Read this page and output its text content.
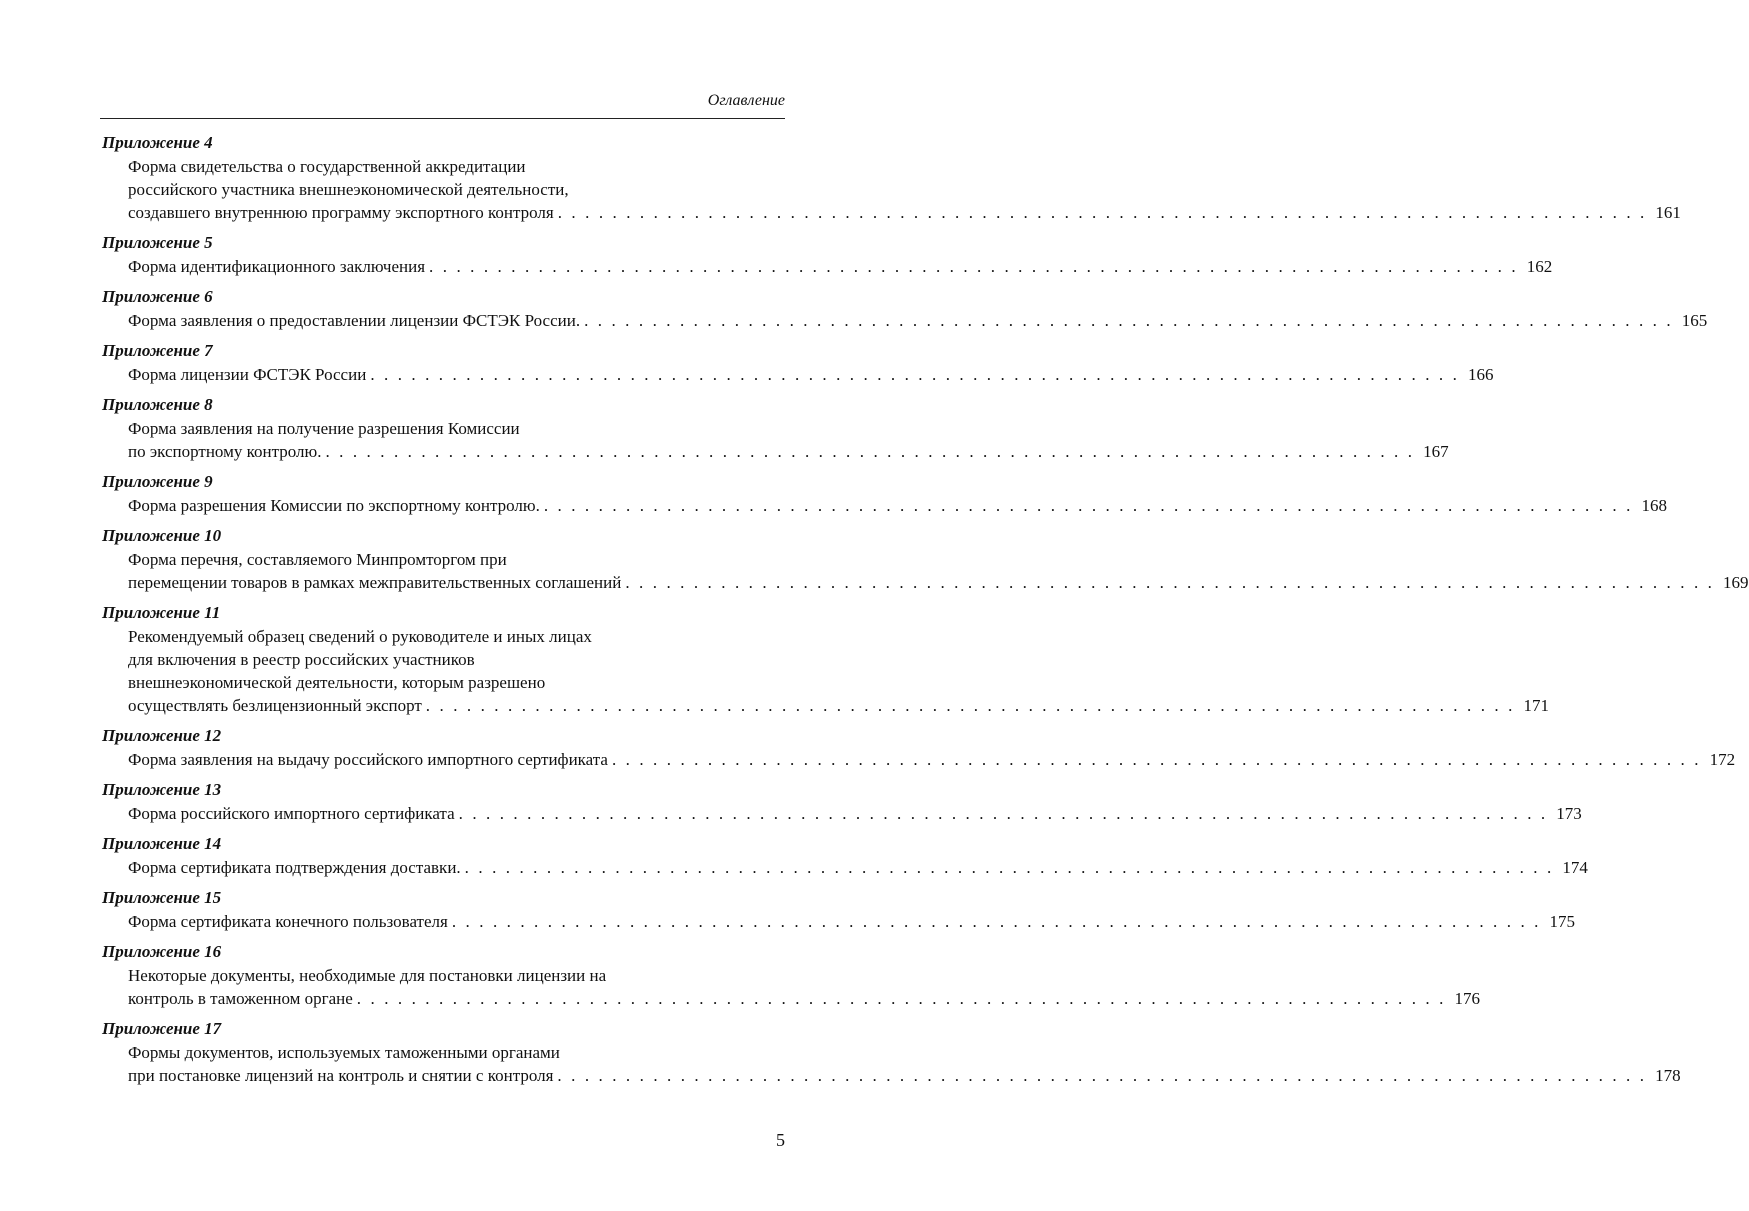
Оглавление
Приложение 4
Форма свидетельства о государственной аккредитации
российского участника внешнеэкономической деятельности,
создавшего внутреннюю программу экспортного контроля . . . . . . . . . . . . . . . . . . . . . . . . . . . . . . . . . . . . . . . . . . . . . . . . . . . . . . . . . . . . . . . . . . . . . . . . . . . . . . . . 161
Приложение 5
Форма идентификационного заключения . . . . . . . . . . . . . . . . . . . . . . . . . . . . . . . . . . . . . . . . . . . . . . . . . . . . . . . . . . . . . . . . . . . . . . . . . . . . . . . . 162
Приложение 6
Форма заявления о предоставлении лицензии ФСТЭК России. . . . . . . . . . . . . . . . . . . . . . . . . . . . . . . . . . . . . . . . . . . . . . . . . . . . . . . . . . . . . . . . . . . . . . . . . . . . . . . . . 165
Приложение 7
Форма лицензии ФСТЭК России . . . . . . . . . . . . . . . . . . . . . . . . . . . . . . . . . . . . . . . . . . . . . . . . . . . . . . . . . . . . . . . . . . . . . . . . . . . . . . . . 166
Приложение 8
Форма заявления на получение разрешения Комиссии
по экспортному контролю. . . . . . . . . . . . . . . . . . . . . . . . . . . . . . . . . . . . . . . . . . . . . . . . . . . . . . . . . . . . . . . . . . . . . . . . . . . . . . . . . 167
Приложение 9
Форма разрешения Комиссии по экспортному контролю. . . . . . . . . . . . . . . . . . . . . . . . . . . . . . . . . . . . . . . . . . . . . . . . . . . . . . . . . . . . . . . . . . . . . . . . . . . . . . . . . 168
Приложение 10
Форма перечня, составляемого Минпромторгом при
перемещении товаров в рамках межправительственных соглашений . . . . . . . . . . . . . . . . . . . . . . . . . . . . . . . . . . . . . . . . . . . . . . . . . . . . . . . . . . . . . . . . . . . . . . . . . . . . . . . . 169
Приложение 11
Рекомендуемый образец сведений о руководителе и иных лицах
для включения в реестр российских участников
внешнеэкономической деятельности, которым разрешено
осуществлять безлицензионный экспорт . . . . . . . . . . . . . . . . . . . . . . . . . . . . . . . . . . . . . . . . . . . . . . . . . . . . . . . . . . . . . . . . . . . . . . . . . . . . . . . . 171
Приложение 12
Форма заявления на выдачу российского импортного сертификата . . . . . . . . . . . . . . . . . . . . . . . . . . . . . . . . . . . . . . . . . . . . . . . . . . . . . . . . . . . . . . . . . . . . . . . . . . . . . . . . 172
Приложение 13
Форма российского импортного сертификата . . . . . . . . . . . . . . . . . . . . . . . . . . . . . . . . . . . . . . . . . . . . . . . . . . . . . . . . . . . . . . . . . . . . . . . . . . . . . . . . 173
Приложение 14
Форма сертификата подтверждения доставки. . . . . . . . . . . . . . . . . . . . . . . . . . . . . . . . . . . . . . . . . . . . . . . . . . . . . . . . . . . . . . . . . . . . . . . . . . . . . . . . . 174
Приложение 15
Форма сертификата конечного пользователя . . . . . . . . . . . . . . . . . . . . . . . . . . . . . . . . . . . . . . . . . . . . . . . . . . . . . . . . . . . . . . . . . . . . . . . . . . . . . . . . 175
Приложение 16
Некоторые документы, необходимые для постановки лицензии на
контроль в таможенном органе . . . . . . . . . . . . . . . . . . . . . . . . . . . . . . . . . . . . . . . . . . . . . . . . . . . . . . . . . . . . . . . . . . . . . . . . . . . . . . . . 176
Приложение 17
Формы документов, используемых таможенными органами
при постановке лицензий на контроль и снятии с контроля . . . . . . . . . . . . . . . . . . . . . . . . . . . . . . . . . . . . . . . . . . . . . . . . . . . . . . . . . . . . . . . . . . . . . . . . . . . . . . . . 178
5
